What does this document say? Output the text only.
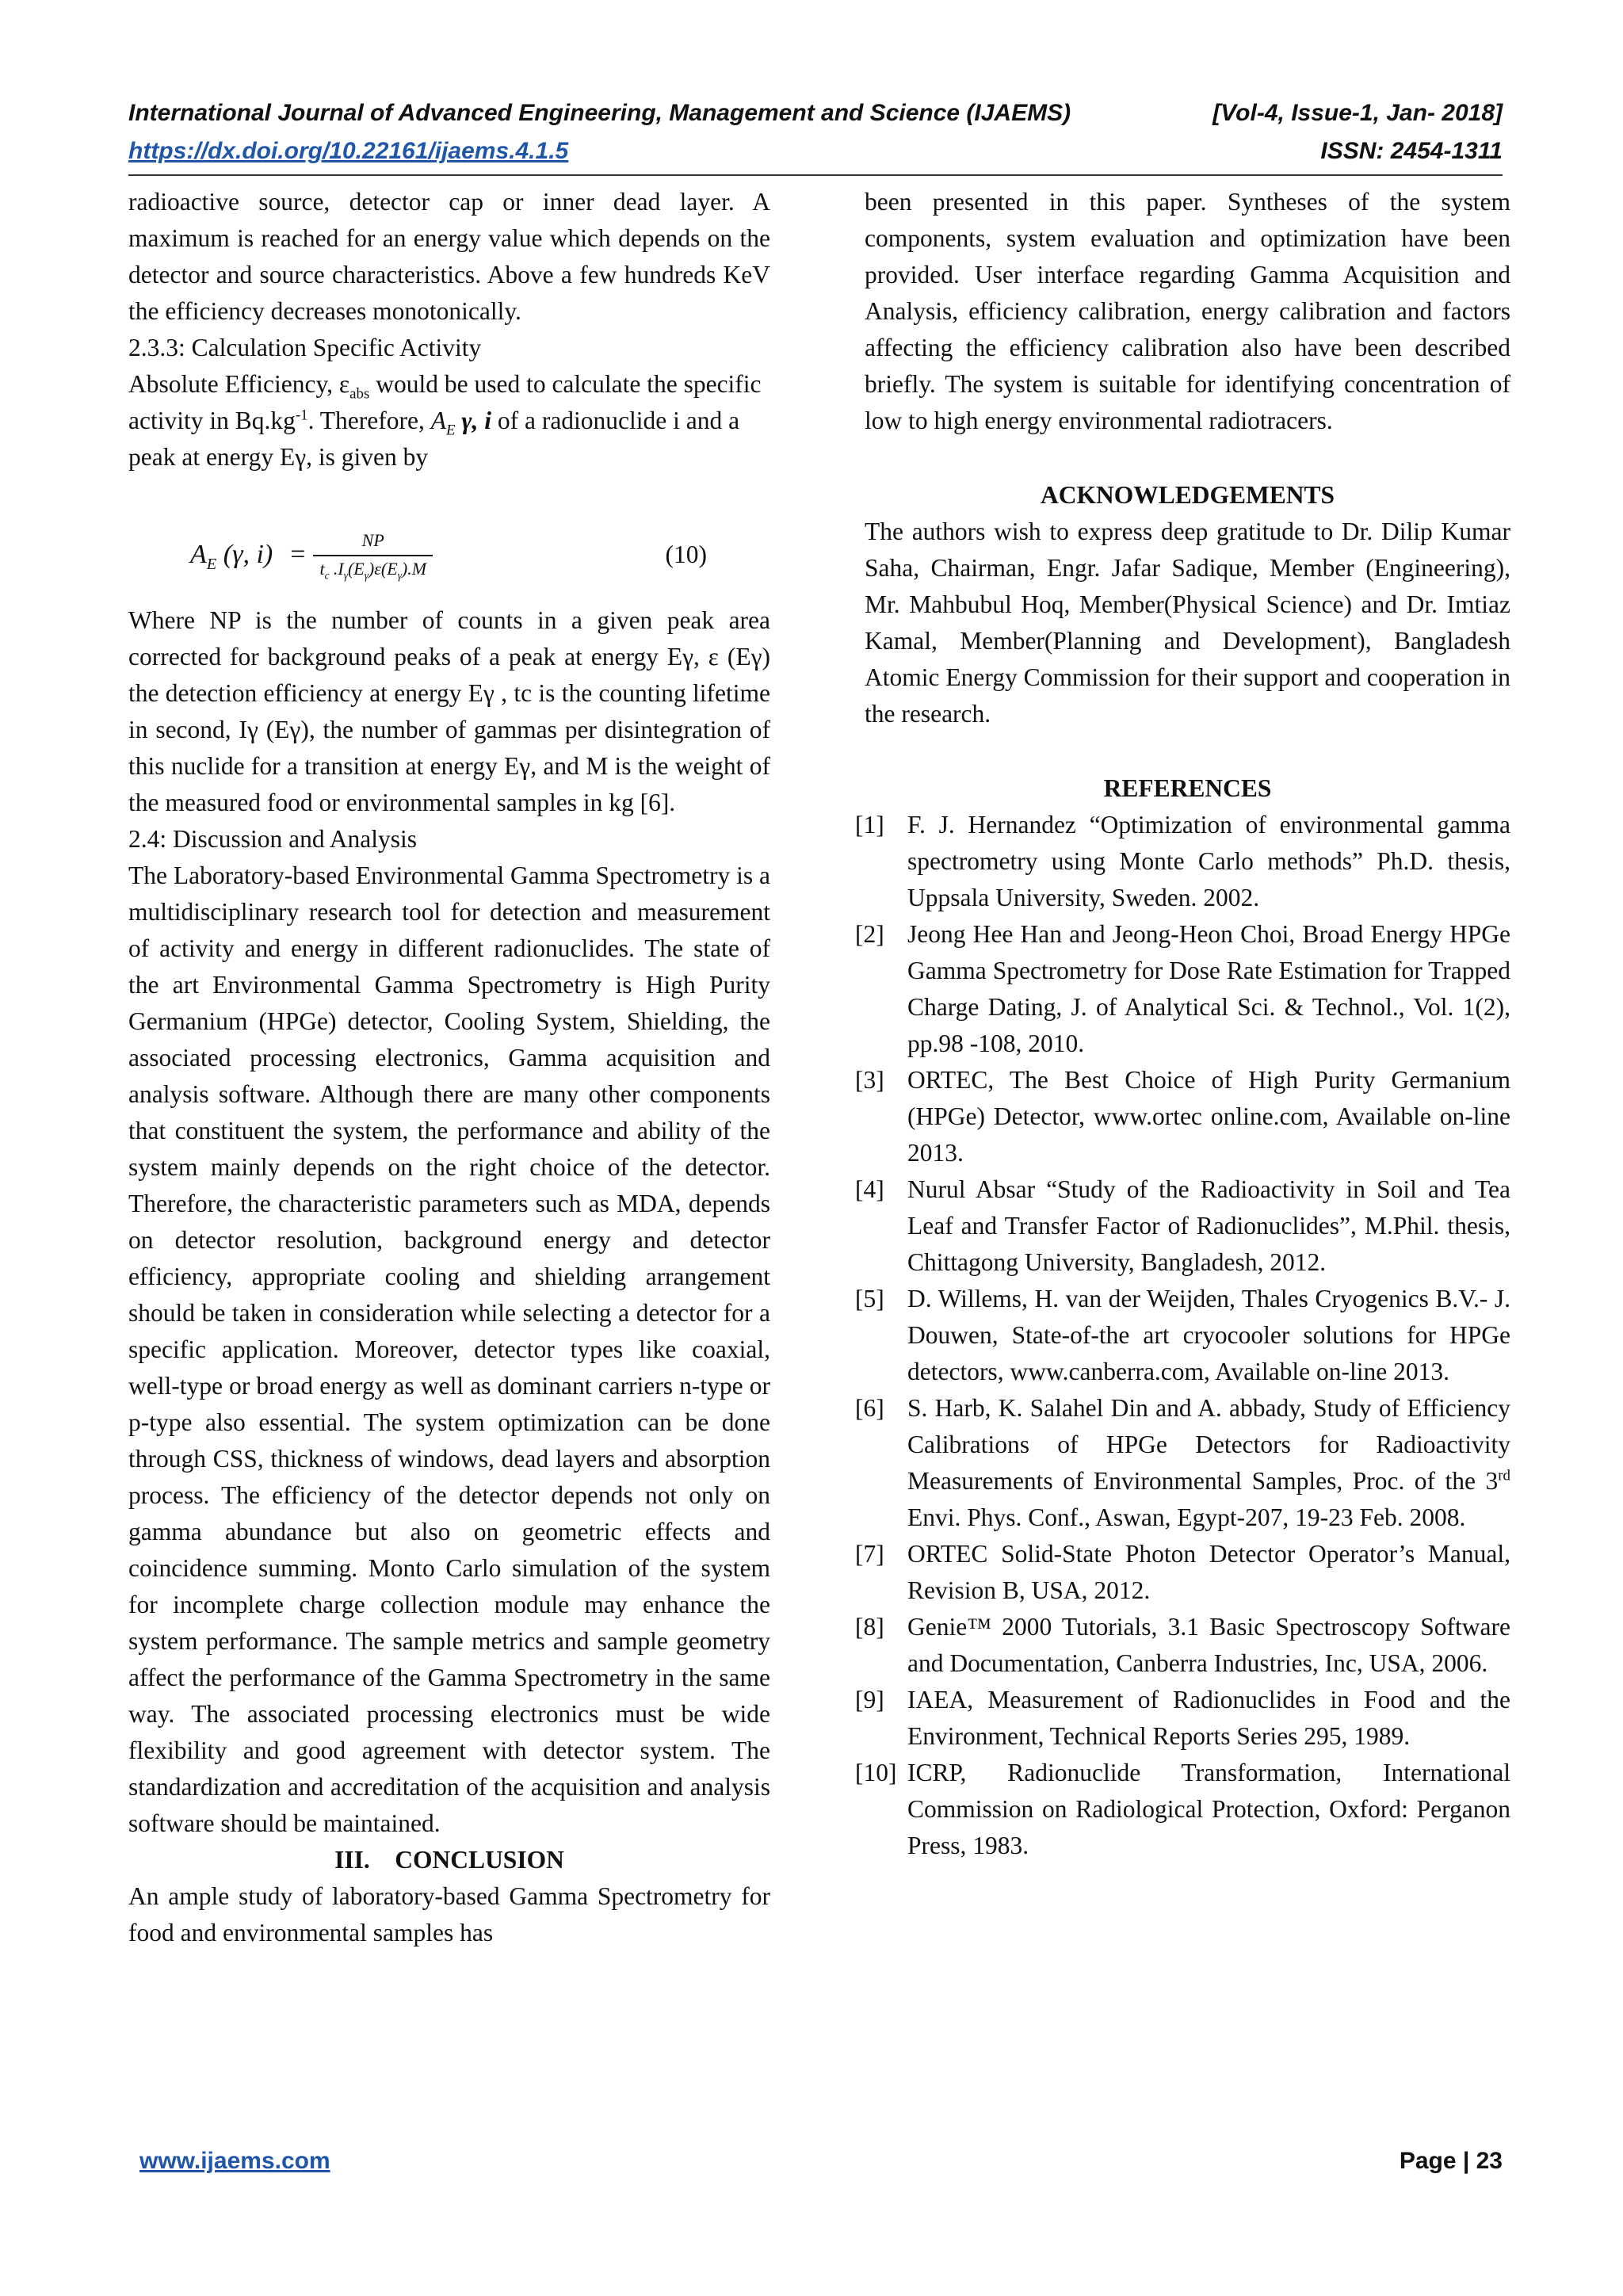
International Journal of Advanced Engineering, Management and Science (IJAEMS)	[Vol-4, Issue-1, Jan- 2018]
https://dx.doi.org/10.22161/ijaems.4.1.5	ISSN: 2454-1311

radioactive source, detector cap or inner dead layer. A maximum is reached for an energy value which depends on the detector and source characteristics. Above a few hundreds KeV the efficiency decreases monotonically.

2.3.3: Calculation Specific Activity

Absolute Efficiency, $\varepsilon_{abs}$ would be used to calculate the specific activity in $Bq.kg^{-1}$. Therefore, $A_E$ γ, i of a radionuclide i and a peak at energy Eγ, is given by

$A_E$ (γ, $i) = \frac{NP}{t_c .I_\gamma(E_\gamma)\varepsilon(E_\gamma).M}$	(10)

Where NP is the number of counts in a given peak area corrected for background peaks of a peak at energy Eγ, ε (Eγ) the detection efficiency at energy Eγ , tc is the counting lifetime in second, Iγ (Eγ), the number of gammas per disintegration of this nuclide for a transition at energy Eγ, and M is the weight of the measured food or environmental samples in kg [6].

2.4: Discussion and Analysis

The Laboratory-based Environmental Gamma Spectrometry is a multidisciplinary research tool for detection and measurement of activity and energy in different radionuclides. The state of the art Environmental Gamma Spectrometry is High Purity Germanium (HPGe) detector, Cooling System, Shielding, the associated processing electronics, Gamma acquisition and analysis software. Although there are many other components that constituent the system, the performance and ability of the system mainly depends on the right choice of the detector. Therefore, the characteristic parameters such as MDA, depends on detector resolution, background energy and detector efficiency, appropriate cooling and shielding arrangement should be taken in consideration while selecting a detector for a specific application. Moreover, detector types like coaxial, well-type or broad energy as well as dominant carriers n-type or p-type also essential. The system optimization can be done through CSS, thickness of windows, dead layers and absorption process. The efficiency of the detector depends not only on gamma abundance but also on geometric effects and coincidence summing. Monto Carlo simulation of the system for incomplete charge collection module may enhance the system performance. The sample metrics and sample geometry affect the performance of the Gamma Spectrometry in the same way. The associated processing electronics must be wide flexibility and good agreement with detector system. The standardization and accreditation of the acquisition and analysis software should be maintained.

III.    CONCLUSION

An ample study of laboratory-based Gamma Spectrometry for food and environmental samples has

been presented in this paper. Syntheses of the system components, system evaluation and optimization have been provided. User interface regarding Gamma Acquisition and Analysis, efficiency calibration, energy calibration and factors affecting the efficiency calibration also have been described briefly. The system is suitable for identifying concentration of low to high energy environmental radiotracers.

ACKNOWLEDGEMENTS

The authors wish to express deep gratitude to Dr. Dilip Kumar Saha, Chairman, Engr. Jafar Sadique, Member (Engineering), Mr. Mahbubul Hoq, Member(Physical Science) and Dr. Imtiaz Kamal, Member(Planning and Development), Bangladesh Atomic Energy Commission for their support and cooperation in the research.

REFERENCES

[1] F. J. Hernandez “Optimization of environmental gamma spectrometry using Monte Carlo methods” Ph.D. thesis, Uppsala University, Sweden. 2002.
[2] Jeong Hee Han and Jeong-Heon Choi, Broad Energy HPGe Gamma Spectrometry for Dose Rate Estimation for Trapped Charge Dating, J. of Analytical Sci. & Technol., Vol. 1(2), pp.98 -108, 2010.
[3] ORTEC, The Best Choice of High Purity Germanium (HPGe) Detector, www.ortec online.com, Available on-line 2013.
[4] Nurul Absar “Study of the Radioactivity in Soil and Tea Leaf and Transfer Factor of Radionuclides”, M.Phil. thesis, Chittagong University, Bangladesh, 2012.
[5] D. Willems, H. van der Weijden, Thales Cryogenics B.V.- J. Douwen, State-of-the art cryocooler solutions for HPGe detectors, www.canberra.com, Available on-line 2013.
[6] S. Harb, K. Salahel Din and A. abbady, Study of Efficiency Calibrations of HPGe Detectors for Radioactivity Measurements of Environmental Samples, Proc. of the 3rd Envi. Phys. Conf., Aswan, Egypt-207, 19-23 Feb. 2008.
[7] ORTEC Solid-State Photon Detector Operator’s Manual, Revision B, USA, 2012.
[8] Genie™ 2000 Tutorials, 3.1 Basic Spectroscopy Software and Documentation, Canberra Industries, Inc, USA, 2006.
[9] IAEA, Measurement of Radionuclides in Food and the Environment, Technical Reports Series 295, 1989.
[10] ICRP, Radionuclide Transformation, International Commission on Radiological Protection, Oxford: Perganon Press, 1983.
www.ijaems.com	Page | 23
